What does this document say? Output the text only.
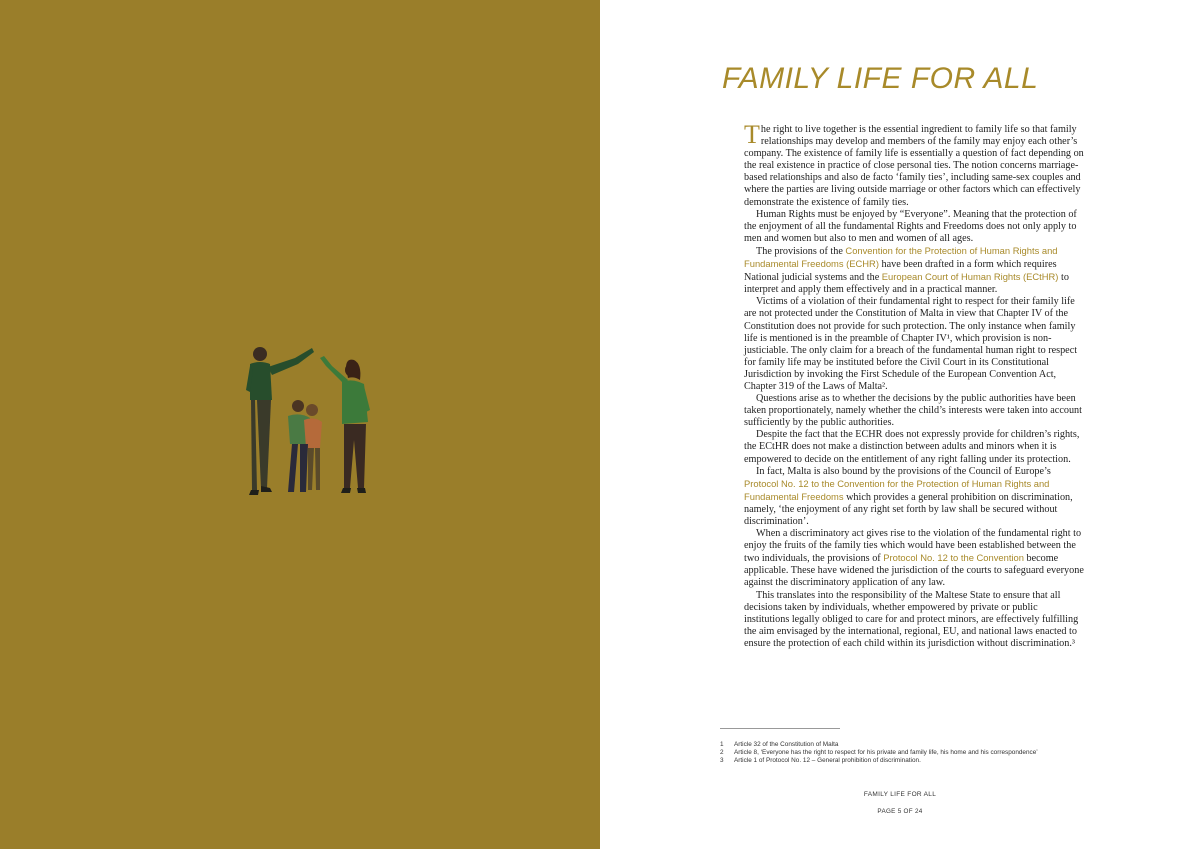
FAMILY LIFE FOR ALL

The right to live together is the essential ingredient to family life so that family relationships may develop and members of the family may enjoy each other’s company. The existence of family life is essentially a question of fact depending on the real existence in practice of close personal ties. The notion concerns marriage-based relationships and also de facto ‘family ties’, including same-sex couples and where the parties are living outside marriage or other factors which can effectively demonstrate the existence of family ties.

Human Rights must be enjoyed by “Everyone”. Meaning that the protection of the enjoyment of all the fundamental Rights and Freedoms does not only apply to men and women but also to men and women of all ages.

The provisions of the Convention for the Protection of Human Rights and Fundamental Freedoms (ECHR) have been drafted in a form which requires National judicial systems and the European Court of Human Rights (ECtHR) to interpret and apply them effectively and in a practical manner.

Victims of a violation of their fundamental right to respect for their family life are not protected under the Constitution of Malta in view that Chapter IV of the Constitution does not provide for such protection. The only instance when family life is mentioned is in the preamble of Chapter IV¹, which provision is non-justiciable. The only claim for a breach of the fundamental human right to respect for family life may be instituted before the Civil Court in its Constitutional Jurisdiction by invoking the First Schedule of the European Convention Act, Chapter 319 of the Laws of Malta².

Questions arise as to whether the decisions by the public authorities have been taken proportionately, namely whether the child’s interests were taken into account sufficiently by the public authorities.

Despite the fact that the ECHR does not expressly provide for children’s rights, the ECtHR does not make a distinction between adults and minors when it is empowered to decide on the entitlement of any right falling under its protection.

In fact, Malta is also bound by the provisions of the Council of Europe’s Protocol No. 12 to the Convention for the Protection of Human Rights and Fundamental Freedoms which provides a general prohibition on discrimination, namely, ‘the enjoyment of any right set forth by law shall be secured without discrimination’.

When a discriminatory act gives rise to the violation of the fundamental right to enjoy the fruits of the family ties which would have been established between the two individuals, the provisions of Protocol No. 12 to the Convention become applicable. These have widened the jurisdiction of the courts to safeguard everyone against the discriminatory application of any law.

This translates into the responsibility of the Maltese State to ensure that all decisions taken by individuals, whether empowered by private or public institutions legally obliged to care for and protect minors, are effectively fulfilling the aim envisaged by the international, regional, EU, and national laws enacted to ensure the protection of each child within its jurisdiction without discrimination.³

1 Article 32 of the Constitution of Malta
2 Article 8, ‘Everyone has the right to respect for his private and family life, his home and his correspondence’
3 Article 1 of Protocol No. 12 – General prohibition of discrimination.
FAMILY LIFE FOR ALL
PAGE 5 OF 24
